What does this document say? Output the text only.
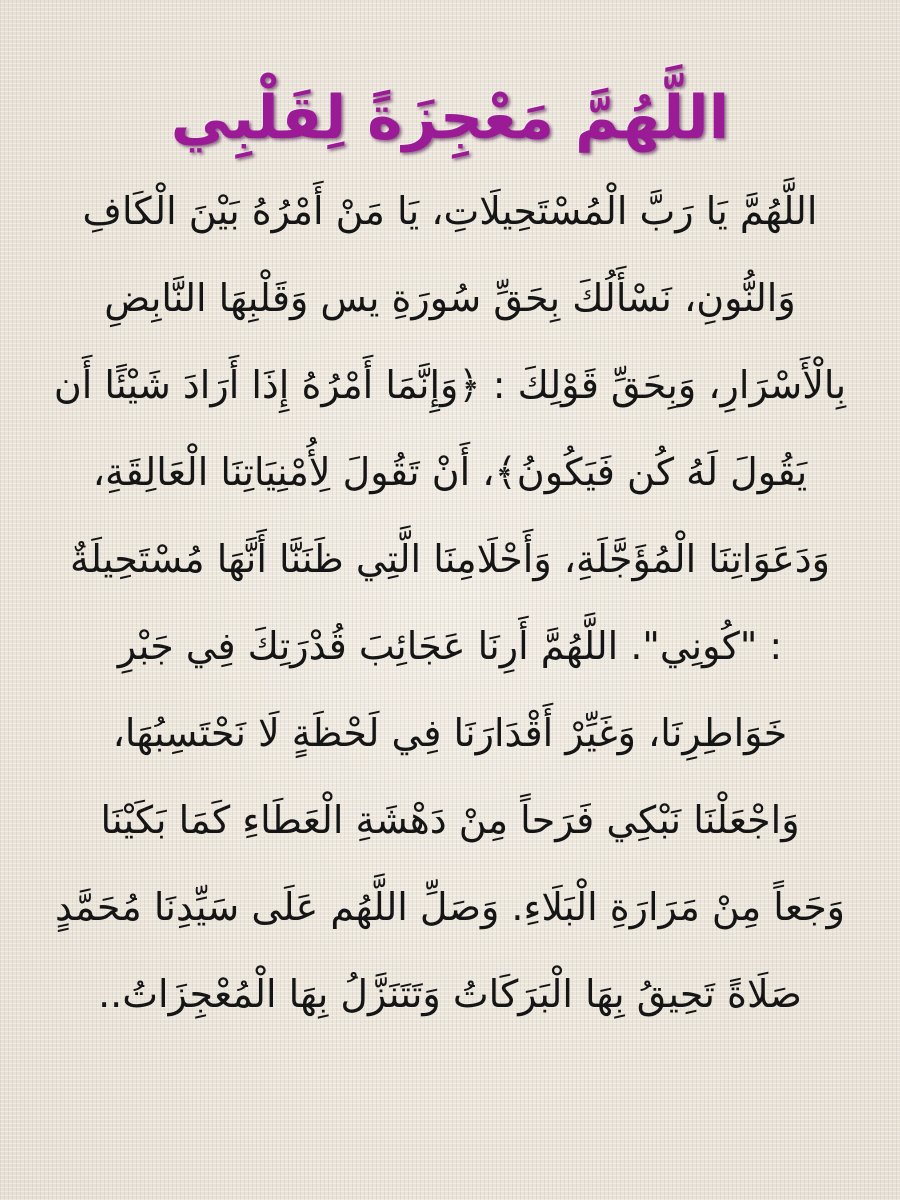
اللَّهُمَّ مَعْجِزَةً لِقَلْبِي
اللَّهُمَّ يَا رَبَّ الْمُسْتَحِيلَاتِ، يَا مَنْ أَمْرُهُ بَيْنَ الْكَافِ
وَالنُّونِ، نَسْأَلُكَ بِحَقِّ سُورَةِ يس وَقَلْبِهَا النَّابِضِ
بِالْأَسْرَارِ، وَبِحَقِّ قَوْلِكَ : ﴿وَإِنَّمَا أَمْرُهُ إِذَا أَرَادَ شَيْئًا أَن
يَقُولَ لَهُ كُن فَيَكُونُ﴾، أَنْ تَقُولَ لِأُمْنِيَاتِنَا الْعَالِقَةِ،
وَدَعَوَاتِنَا الْمُؤَجَّلَةِ، وَأَحْلَامِنَا الَّتِي ظَنَنَّا أَنَّهَا مُسْتَحِيلَةٌ
: "كُونِي". اللَّهُمَّ أَرِنَا عَجَائِبَ قُدْرَتِكَ فِي جَبْرِ
خَوَاطِرِنَا، وَغَيِّرْ أَقْدَارَنَا فِي لَحْظَةٍ لَا نَحْتَسِبُهَا،
وَاجْعَلْنَا نَبْكِي فَرَحاً مِنْ دَهْشَةِ الْعَطَاءِ كَمَا بَكَيْنَا
وَجَعاً مِنْ مَرَارَةِ الْبَلَاءِ. وَصَلِّ اللَّهُم عَلَى سَيِّدِنَا مُحَمَّدٍ
صَلَاةً تَحِيقُ بِهَا الْبَرَكَاتُ وَتَتَنَزَّلُ بِهَا الْمُعْجِزَاتُ..
